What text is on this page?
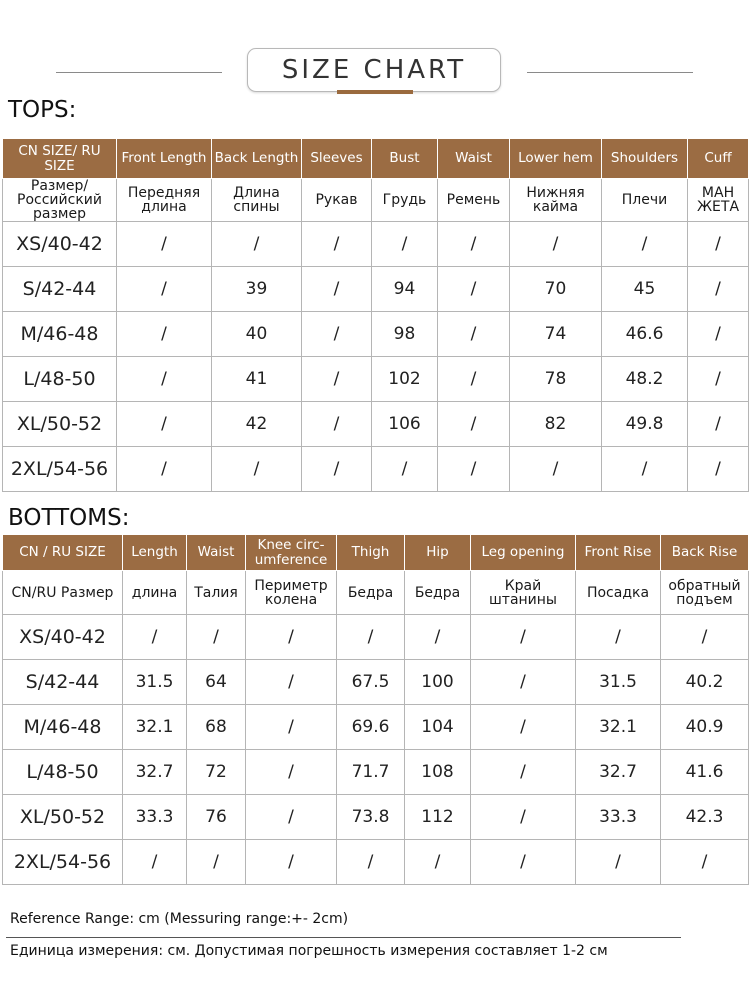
SIZE CHART
TOPS:
CN SIZE/ RU SIZE	Front Length	Back Length	Sleeves	Bust	Waist	Lower hem	Shoulders	Cuff
Размер/ Российский размер	Передняя длина	Длина спины	Рукав	Грудь	Ремень	Нижняя кайма	Плечи	МАН ЖЕТА
XS/40-42	/	/	/	/	/	/	/	/
S/42-44	/	39	/	94	/	70	45	/
M/46-48	/	40	/	98	/	74	46.6	/
L/48-50	/	41	/	102	/	78	48.2	/
XL/50-52	/	42	/	106	/	82	49.8	/
2XL/54-56	/	/	/	/	/	/	/	/
BOTTOMS:
CN / RU SIZE	Length	Waist	Knee circ- umference	Thigh	Hip	Leg opening	Front Rise	Back Rise
CN/RU Размер	длина	Талия	Периметр колена	Бедра	Бедра	Край штанины	Посадка	обратный подъем
XS/40-42	/	/	/	/	/	/	/	/
S/42-44	31.5	64	/	67.5	100	/	31.5	40.2
M/46-48	32.1	68	/	69.6	104	/	32.1	40.9
L/48-50	32.7	72	/	71.7	108	/	32.7	41.6
XL/50-52	33.3	76	/	73.8	112	/	33.3	42.3
2XL/54-56	/	/	/	/	/	/	/	/
Reference Range: cm (Messuring range:+- 2cm)
Единица измерения: см. Допустимая погрешность измерения составляет 1-2 см
